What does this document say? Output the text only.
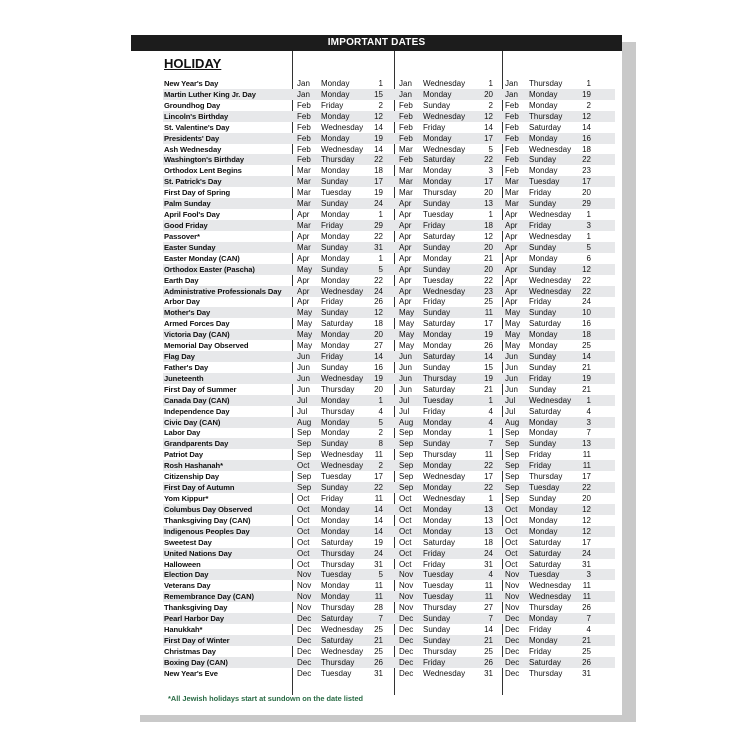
IMPORTANT DATES
HOLIDAY
New Year's Day	Jan Monday	1 Jan Wednesday	1 Jan Thursday	1
Martin Luther King Jr. Day	Jan Monday	15 Jan Monday	20 Jan Monday	19
Groundhog Day	Feb Friday	2 Feb Sunday	2 Feb Monday	2
Lincoln's Birthday	Feb Monday	12 Feb Wednesday	12 Feb Thursday	12
St. Valentine's Day	Feb Wednesday	14 Feb Friday	14 Feb Saturday	14
Presidents' Day	Feb Monday	19 Feb Monday	17 Feb Monday	16
Ash Wednesday	Feb Wednesday	14 Mar Wednesday	5 Feb Wednesday	18
Washington's Birthday	Feb Thursday	22 Feb Saturday	22 Feb Sunday	22
Orthodox Lent Begins	Mar Monday	18 Mar Monday	3 Feb Monday	23
St. Patrick's Day	Mar Sunday	17 Mar Monday	17 Mar Tuesday	17
First Day of Spring	Mar Tuesday	19 Mar Thursday	20 Mar Friday	20
Palm Sunday	Mar Sunday	24 Apr Sunday	13 Mar Sunday	29
April Fool's Day	Apr Monday	1 Apr Tuesday	1 Apr Wednesday	1
Good Friday	Mar Friday	29 Apr Friday	18 Apr Friday	3
Passover*	Apr Monday	22 Apr Saturday	12 Apr Wednesday	1
Easter Sunday	Mar Sunday	31 Apr Sunday	20 Apr Sunday	5
Easter Monday (CAN)	Apr Monday	1 Apr Monday	21 Apr Monday	6
Orthodox Easter (Pascha)	May Sunday	5 Apr Sunday	20 Apr Sunday	12
Earth Day	Apr Monday	22 Apr Tuesday	22 Apr Wednesday	22
Administrative Professionals Day Apr Wednesday	24 Apr Wednesday	23 Apr Wednesday	22
Arbor Day	Apr Friday	26 Apr Friday	25 Apr Friday	24
Mother's Day	May Sunday	12 May Sunday	11 May Sunday	10
Armed Forces Day	May Saturday	18 May Saturday	17 May Saturday	16
Victoria Day (CAN)	May Monday	20 May Monday	19 May Monday	18
Memorial Day Observed	May Monday	27 May Monday	26 May Monday	25
Flag Day	Jun Friday	14 Jun Saturday	14 Jun Sunday	14
Father's Day	Jun Sunday	16 Jun Sunday	15 Jun Sunday	21
Juneteenth	Jun Wednesday	19 Jun Thursday	19 Jun Friday	19
First Day of Summer	Jun Thursday	20 Jun Saturday	21 Jun Sunday	21
Canada Day (CAN)	Jul Monday	1 Jul Tuesday	1 Jul Wednesday	1
Independence Day	Jul Thursday	4 Jul Friday	4 Jul Saturday	4
Civic Day (CAN)	Aug Monday	5 Aug Monday	4 Aug Monday	3
Labor Day	Sep Monday	2 Sep Monday	1 Sep Monday	7
Grandparents Day	Sep Sunday	8 Sep Sunday	7 Sep Sunday	13
Patriot Day	Sep Wednesday	11 Sep Thursday	11 Sep Friday	11
Rosh Hashanah*	Oct Wednesday	2 Sep Monday	22 Sep Friday	11
Citizenship Day	Sep Tuesday	17 Sep Wednesday	17 Sep Thursday	17
First Day of Autumn	Sep Sunday	22 Sep Monday	22 Sep Tuesday	22
Yom Kippur*	Oct Friday	11 Oct Wednesday	1 Sep Sunday	20
Columbus Day Observed	Oct Monday	14 Oct Monday	13 Oct Monday	12
Thanksgiving Day (CAN)	Oct Monday	14 Oct Monday	13 Oct Monday	12
Indigenous Peoples Day	Oct Monday	14 Oct Monday	13 Oct Monday	12
Sweetest Day	Oct Saturday	19 Oct Saturday	18 Oct Saturday	17
United Nations Day	Oct Thursday	24 Oct Friday	24 Oct Saturday	24
Halloween	Oct Thursday	31 Oct Friday	31 Oct Saturday	31
Election Day	Nov Tuesday	5 Nov Tuesday	4 Nov Tuesday	3
Veterans Day	Nov Monday	11 Nov Tuesday	11 Nov Wednesday	11
Remembrance Day (CAN)	Nov Monday	11 Nov Tuesday	11 Nov Wednesday	11
Thanksgiving Day	Nov Thursday	28 Nov Thursday	27 Nov Thursday	26
Pearl Harbor Day	Dec Saturday	7 Dec Sunday	7 Dec Monday	7
Hanukkah*	Dec Wednesday	25 Dec Sunday	14 Dec Friday	4
First Day of Winter	Dec Saturday	21 Dec Sunday	21 Dec Monday	21
Christmas Day	Dec Wednesday	25 Dec Thursday	25 Dec Friday	25
Boxing Day (CAN)	Dec Thursday	26 Dec Friday	26 Dec Saturday	26
New Year's Eve	Dec Tuesday	31 Dec Wednesday	31 Dec Thursday	31
*All Jewish holidays start at sundown on the date listed
